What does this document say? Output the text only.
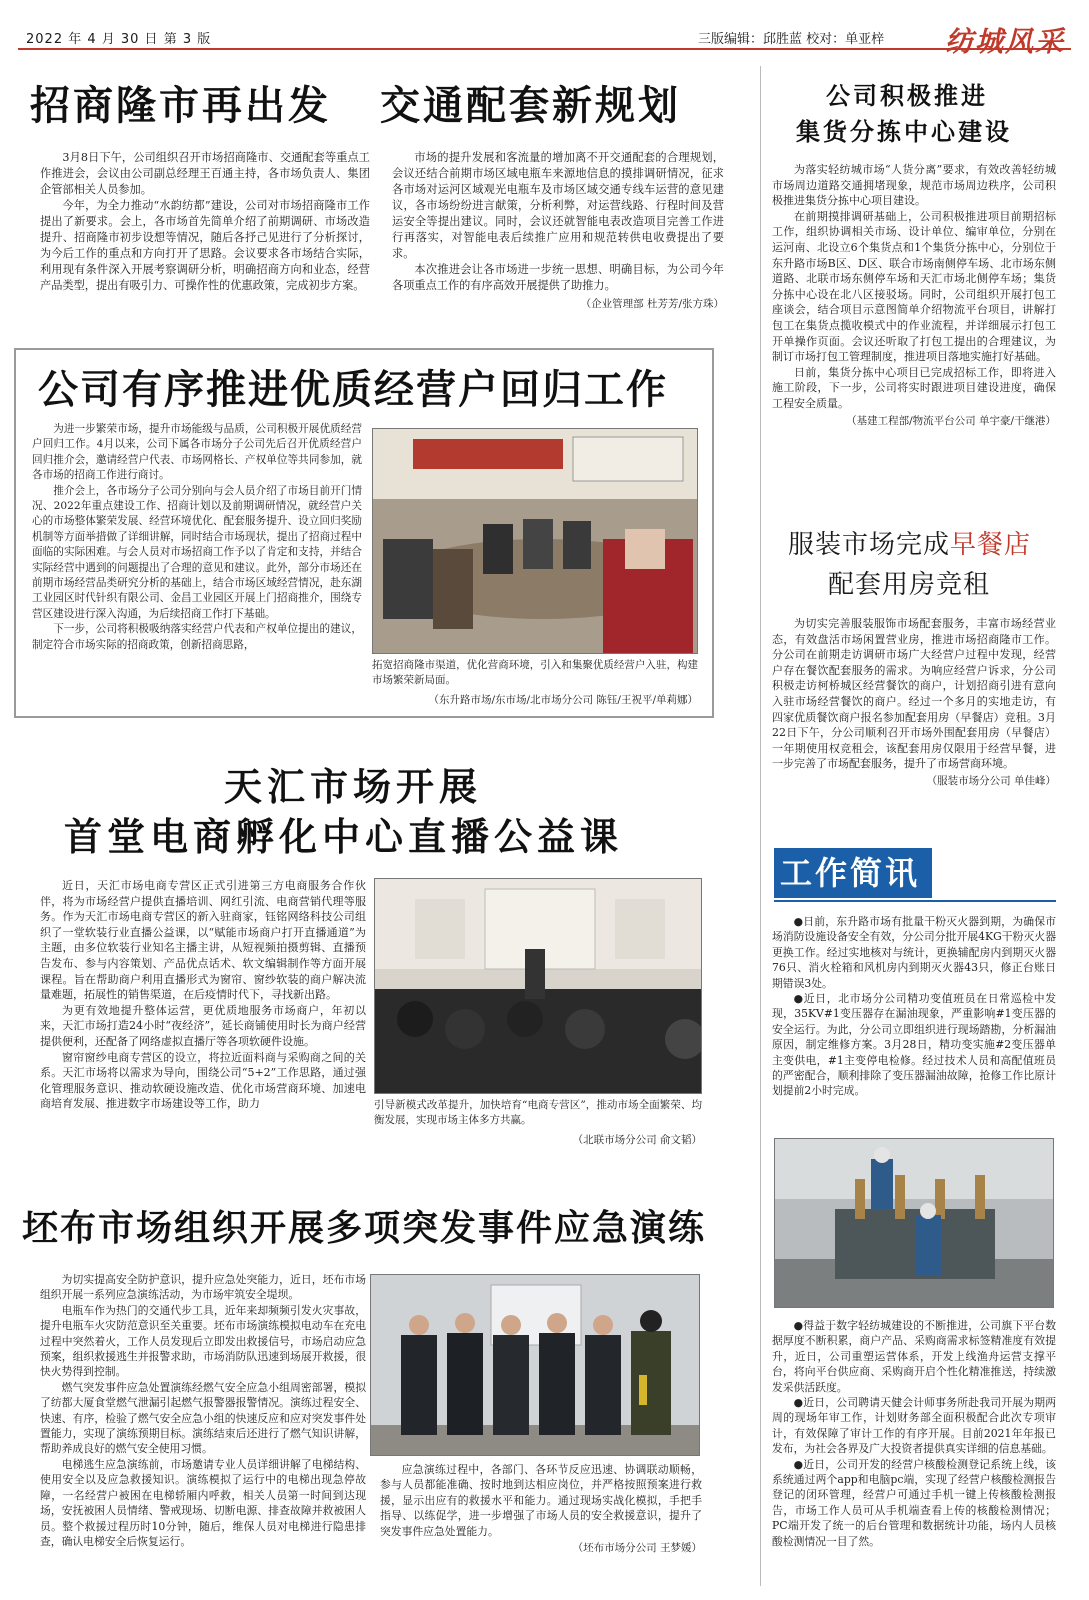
2022 年 4 月 30 日 第 3 版	三版编辑：邱胜蓝 校对：单亚梓 纺城风采
招商隆市再出发 交通配套新规划

3月8日下午，公司组织召开市场招商隆市、交通配套等重点工作推进会，会议由公司副总经理王百通主持，各市场负责人、集团企管部相关人员参加。

今年，为全力推动“水韵纺都”建设，公司对市场招商隆市工作提出了新要求。会上，各市场首先简单介绍了前期调研、市场改造提升、招商隆市初步设想等情况，随后各抒己见进行了分析探讨，为今后工作的重点和方向打开了思路。会议要求各市场结合实际，利用现有条件深入开展考察调研分析，明确招商方向和业态，经营产品类型，提出有吸引力、可操作性的优惠政策，完成初步方案。

市场的提升发展和客流量的增加离不开交通配套的合理规划，会议还结合前期市场区域电瓶车来源地信息的摸排调研情况，征求各市场对运河区域观光电瓶车及市场区域交通专线车运营的意见建议，各市场纷纷进言献策，分析利弊，对运营线路、行程时间及营运安全等提出建议。同时，会议还就智能电表改造项目完善工作进行再落实，对智能电表后续推广应用和规范转供电收费提出了要求。

本次推进会让各市场进一步统一思想、明确目标，为公司今年各项重点工作的有序高效开展提供了助推力。

（企业管理部 杜芳芳/张方珠）
公司有序推进优质经营户回归工作

为进一步繁荣市场，提升市场能级与品质，公司积极开展优质经营户回归工作。4月以来，公司下属各市场分子公司先后召开优质经营户回归推介会，邀请经营户代表、市场网格长、产权单位等共同参加，就各市场的招商工作进行商讨。

推介会上，各市场分子公司分别向与会人员介绍了市场目前开门情况、2022年重点建设工作、招商计划以及前期调研情况，就经营户关心的市场整体繁荣发展、经营环境优化、配套服务提升、设立回归奖励机制等方面举措做了详细讲解，同时结合市场现状，提出了招商过程中面临的实际困难。与会人员对市场招商工作予以了肯定和支持，并结合实际经营中遇到的问题提出了合理的意见和建议。此外，部分市场还在前期市场经营品类研究分析的基础上，结合市场区域经营情况，赴东湖工业园区时代针织有限公司、金昌工业园区开展上门招商推介，围绕专营区建设进行深入沟通，为后续招商工作打下基础。

下一步，公司将积极吸纳落实经营户代表和产权单位提出的建议，制定符合市场实际的招商政策，创新招商思路，

拓宽招商隆市渠道，优化营商环境，引入和集聚优质经营户入驻，构建市场繁荣新局面。
（东升路市场/东市场/北市场分公司 陈钰/王祝平/单莉娜）
天汇市场开展
首堂电商孵化中心直播公益课

近日，天汇市场电商专营区正式引进第三方电商服务合作伙伴，将为市场经营户提供直播培训、网红引流、电商营销代理等服务。作为天汇市场电商专营区的新入驻商家，钰铭网络科技公司组织了一堂软装行业直播公益课，以“赋能市场商户打开直播通道”为主题，由多位软装行业知名主播主讲，从短视频拍摄剪辑、直播预告发布、参与内容策划、产品优点话术、软文编辑制作等方面开展课程。旨在帮助商户利用直播形式为窗帘、窗纱软装的商户解决流量难题，拓展性的销售渠道，在后疫情时代下，寻找新出路。

为更有效地提升整体运营，更优质地服务市场商户，年初以来，天汇市场打造24小时“夜经济”，延长商铺使用时长为商户经营提供便利，还配备了网络虚拟直播厅等各项软硬件设施。

窗帘窗纱电商专营区的设立，将拉近面料商与采购商之间的关系。天汇市场将以需求为导向，围绕公司“5+2”工作思路，通过强化管理服务意识、推动软硬设施改造、优化市场营商环境、加速电商培育发展、推进数字市场建设等工作，助力	引导新模式改革提升，加快培育“电商专营区”，推动市场全面繁荣、均衡发展，实现市场主体多方共赢。
（北联市场分公司 俞文韬）
坯布市场组织开展多项突发事件应急演练

为切实提高安全防护意识，提升应急处突能力，近日，坯布市场组织开展一系列应急演练活动，为市场牢筑安全堤坝。

电瓶车作为热门的交通代步工具，近年来却频频引发火灾事故，提升电瓶车火灾防范意识至关重要。坯布市场演练模拟电动车在充电过程中突然着火，工作人员发现后立即发出救援信号，市场启动应急预案，组织救援逃生并报警求助，市场消防队迅速到场展开救援，很快火势得到控制。

燃气突发事件应急处置演练经燃气安全应急小组周密部署，模拟了纺都大厦食堂燃气泄漏引起燃气报警器报警情况。演练过程安全、快速、有序，检验了燃气安全应急小组的快速反应和应对突发事件处置能力，实现了演练预期目标。演练结束后还进行了燃气知识讲解，帮助养成良好的燃气安全使用习惯。

电梯逃生应急演练前，市场邀请专业人员详细讲解了电梯结构、使用安全以及应急救援知识。演练模拟了运行中的电梯出现急停故障，一名经营户被困在电梯轿厢内呼救，相关人员第一时间到达现场，安抚被困人员情绪、警戒现场、切断电源、排查故障并救被困人员。整个救援过程历时10分钟，随后，维保人员对电梯进行隐患排查，确认电梯安全后恢复运行。

应急演练过程中，各部门、各环节反应迅速、协调联动顺畅，参与人员都能准确、按时地到达相应岗位，并严格按照预案进行救援，显示出应有的救援水平和能力。通过现场实战化模拟，手把手指导、以练促学，进一步增强了市场人员的安全救援意识，提升了突发事件应急处置能力。

（坯布市场分公司 王梦媛）
公司积极推进
集货分拣中心建设

为落实轻纺城市场“人货分离”要求，有效改善轻纺城市场周边道路交通拥堵现象，规范市场周边秩序，公司积极推进集货分拣中心项目建设。

在前期摸排调研基础上，公司积极推进项目前期招标工作，组织协调相关市场、设计单位、编审单位，分别在运河南、北设立6个集货点和1个集货分拣中心，分别位于东升路市场B区、D区、联合市场南侧停车场、北市场东侧道路、北联市场东侧停车场和天汇市场北侧停车场；集货分拣中心设在北八区接驳场。同时，公司组织开展打包工座谈会，结合项目示意图简单介绍物流平台项目，讲解打包工在集货点揽收模式中的作业流程，并详细展示打包工开单操作页面。会议还听取了打包工提出的合理建议，为制订市场打包工管理制度，推进项目落地实施打好基础。

日前，集货分拣中心项目已完成招标工作，即将进入施工阶段，下一步，公司将实时跟进项目建设进度，确保工程安全质量。

（基建工程部/物流平台公司 单宇豪/干继港）
服装市场完成早餐店
配套用房竞租

为切实完善服装服饰市场配套服务，丰富市场经营业态，有效盘活市场闲置营业房，推进市场招商隆市工作。分公司在前期走访调研市场广大经营户过程中发现，经营户存在餐饮配套服务的需求。为响应经营户诉求，分公司积极走访柯桥城区经营餐饮的商户，计划招商引进有意向入驻市场经营餐饮的商户。经过一个多月的实地走访，有四家优质餐饮商户报名参加配套用房（早餐店）竞租。3月22日下午，分公司顺利召开市场外围配套用房（早餐店）一年期使用权竞租会，该配套用房仅限用于经营早餐，进一步完善了市场配套服务，提升了市场营商环境。

（服装市场分公司 单佳峰）
工作简讯

●日前，东升路市场有批量干粉灭火器到期，为确保市场消防设施设备安全有效，分公司分批开展4KG干粉灭火器更换工作。经过实地核对与统计，更换辅配房内到期灭火器76只、消火栓箱和风机房内到期灭火器43只，修正台账日期错误3处。

●近日，北市场分公司精功变值班员在日常巡检中发现，35KV#1变压器存在漏油现象，严重影响#1变压器的安全运行。为此，分公司立即组织进行现场踏勘，分析漏油原因，制定维修方案。3月28日，精功变实施#2变压器单主变供电，#1主变停电检修。经过技术人员和高配值班员的严密配合，顺利排除了变压器漏油故障，抢修工作比原计划提前2小时完成。

●得益于数字轻纺城建设的不断推进，公司旗下平台数据厚度不断积累，商户产品、采购商需求标签精准度有效提升，近日，公司重塑运营体系，开发上线渔舟运营支撑平台，将向平台供应商、采购商开启个性化精准推送，持续激发采供活跃度。

●近日，公司聘请天健会计师事务所赴我司开展为期两周的现场年审工作，计划财务部全面积极配合此次专项审计，有效保障了审计工作的有序开展。目前2021年年报已发布，为社会各界及广大投资者提供真实详细的信息基础。

●近日，公司开发的经营户核酸检测登记系统上线，该系统通过两个app和电脑pc端，实现了经营户核酸检测报告登记的闭环管理，经营户可通过手机一键上传核酸检测报告，市场工作人员可从手机端查看上传的核酸检测情况；PC端开发了统一的后台管理和数据统计功能，场内人员核酸检测情况一目了然。
